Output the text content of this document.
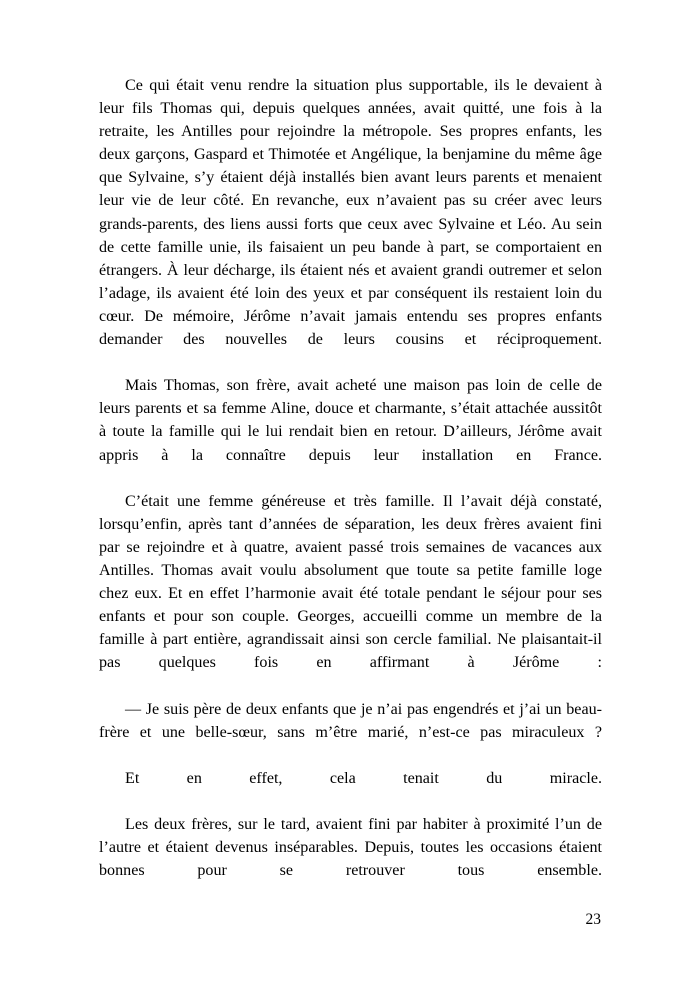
Ce qui était venu rendre la situation plus supportable, ils le devaient à leur fils Thomas qui, depuis quelques années, avait quitté, une fois à la retraite, les Antilles pour rejoindre la métropole. Ses propres enfants, les deux garçons, Gaspard et Thimotée et Angélique, la benjamine du même âge que Sylvaine, s’y étaient déjà installés bien avant leurs parents et menaient leur vie de leur côté. En revanche, eux n’avaient pas su créer avec leurs grands-parents, des liens aussi forts que ceux avec Sylvaine et Léo. Au sein de cette famille unie, ils faisaient un peu bande à part, se comportaient en étrangers. À leur décharge, ils étaient nés et avaient grandi outremer et selon l’adage, ils avaient été loin des yeux et par conséquent ils restaient loin du cœur. De mémoire, Jérôme n’avait jamais entendu ses propres enfants demander des nouvelles de leurs cousins et réciproquement.

Mais Thomas, son frère, avait acheté une maison pas loin de celle de leurs parents et sa femme Aline, douce et charmante, s’était attachée aussitôt à toute la famille qui le lui rendait bien en retour. D’ailleurs, Jérôme avait appris à la connaître depuis leur installation en France.

C’était une femme généreuse et très famille. Il l’avait déjà constaté, lorsqu’enfin, après tant d’années de séparation, les deux frères avaient fini par se rejoindre et à quatre, avaient passé trois semaines de vacances aux Antilles. Thomas avait voulu absolument que toute sa petite famille loge chez eux. Et en effet l’harmonie avait été totale pendant le séjour pour ses enfants et pour son couple. Georges, accueilli comme un membre de la famille à part entière, agrandissait ainsi son cercle familial. Ne plaisantait-il pas quelques fois en affirmant à Jérôme :

— Je suis père de deux enfants que je n’ai pas engendrés et j’ai un beau-frère et une belle-sœur, sans m’être marié, n’est-ce pas miraculeux ?

Et en effet, cela tenait du miracle.

Les deux frères, sur le tard, avaient fini par habiter à proximité l’un de l’autre et étaient devenus inséparables. Depuis, toutes les occasions étaient bonnes pour se retrouver tous ensemble.

23
